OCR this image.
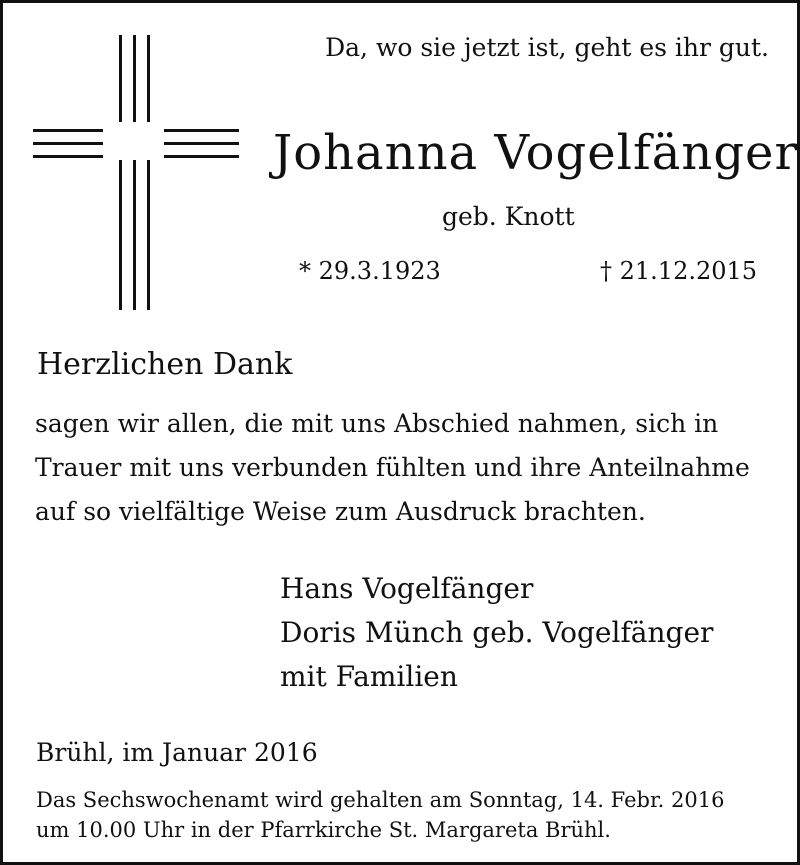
Da, wo sie jetzt ist, geht es ihr gut.

Johanna Vogelfänger

geb. Knott

* 29.3.1923	† 21.12.2015

Herzlichen Dank
sagen wir allen, die mit uns Abschied nahmen, sich in
Trauer mit uns verbunden fühlten und ihre Anteilnahme
auf so vielfältige Weise zum Ausdruck brachten.
Hans Vogelfänger
Doris Münch geb. Vogelfänger
mit Familien

Brühl, im Januar 2016

Das Sechswochenamt wird gehalten am Sonntag, 14. Febr. 2016
um 10.00 Uhr in der Pfarrkirche St. Margareta Brühl.
